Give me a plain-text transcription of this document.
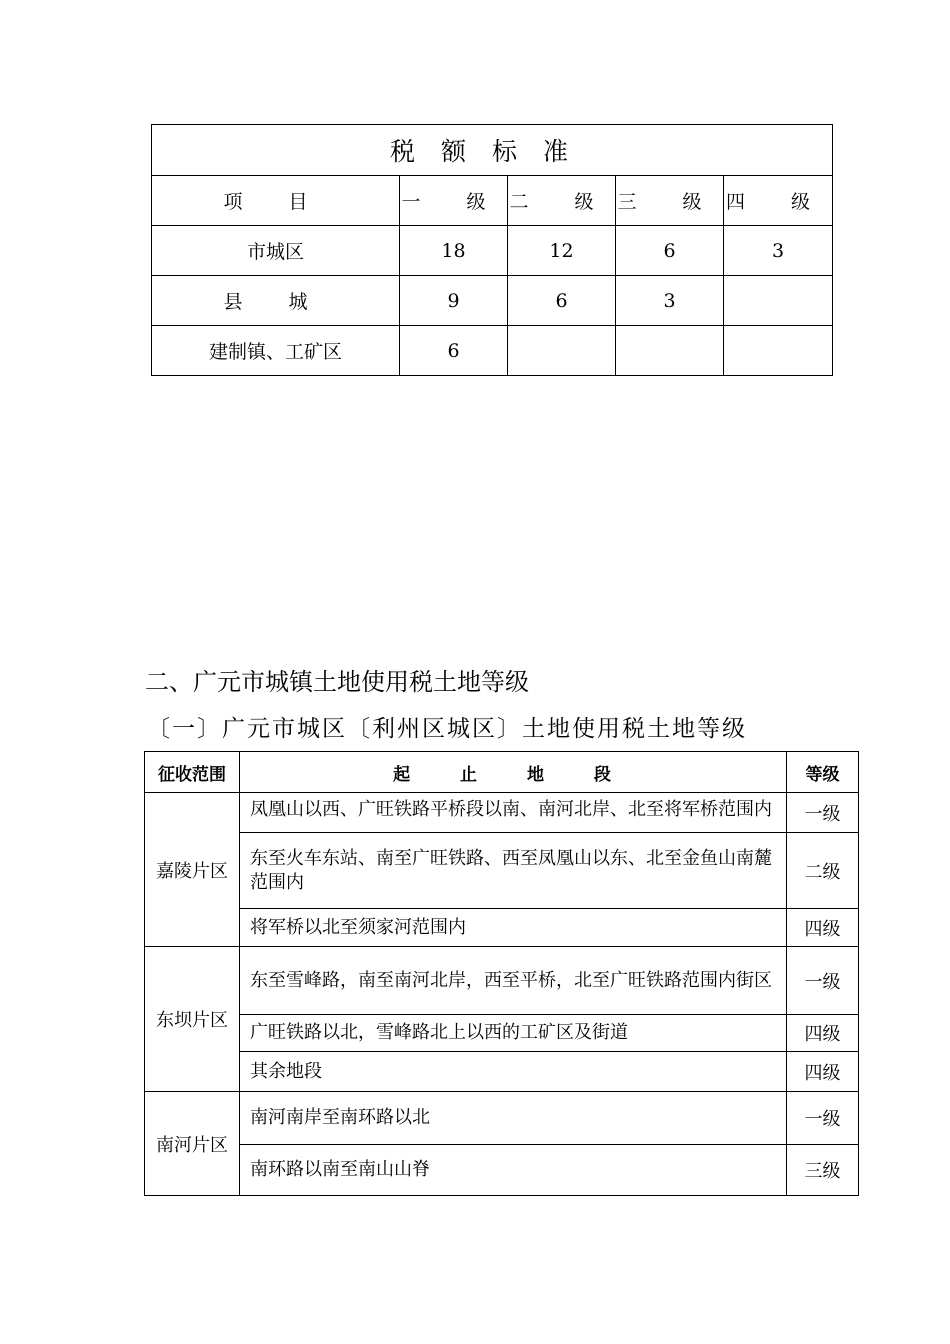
税额标准				
项 目	一 级	二 级	三 级	四 级
市城区	18	12	6	3
县 城	9	6	3	
建制镇、工矿区	6			
二、广元市城镇土地使用税土地等级
〔一〕广元市城区〔利州区城区〕土地使用税土地等级
征收范围	起 止 地 段	等级
嘉陵片区	凤凰山以西、广旺铁路平桥段以南、南河北岸、北至将军桥范围内	一级
	东至火车东站、南至广旺铁路、西至凤凰山以东、北至金鱼山南麓范围内	二级
	将军桥以北至须家河范围内	四级
东坝片区	东至雪峰路，南至南河北岸，西至平桥，北至广旺铁路范围内街区	一级
	广旺铁路以北，雪峰路北上以西的工矿区及街道	四级
	其余地段	四级
南河片区	南河南岸至南环路以北	一级
	南环路以南至南山山脊	三级
